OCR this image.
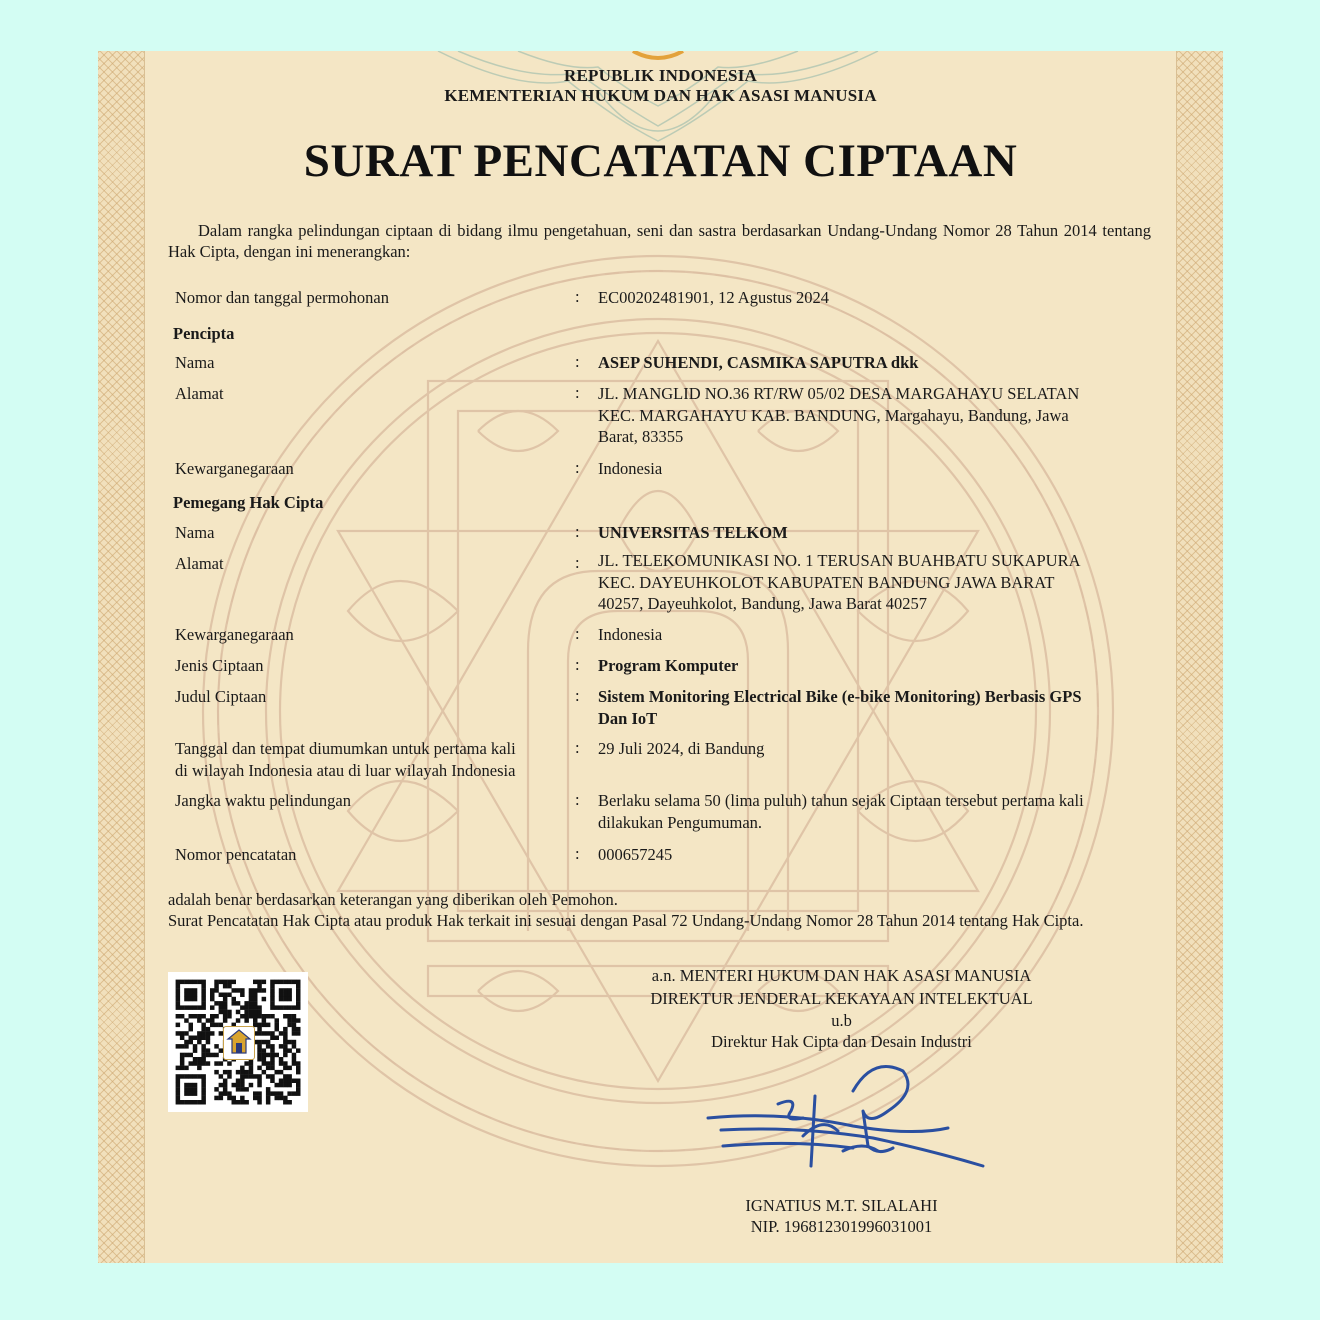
REPUBLIK INDONESIA
KEMENTERIAN HUKUM DAN HAK ASASI MANUSIA
SURAT PENCATATAN CIPTAAN
Dalam rangka pelindungan ciptaan di bidang ilmu pengetahuan, seni dan sastra berdasarkan Undang-Undang Nomor 28 Tahun 2014 tentang Hak Cipta, dengan ini menerangkan:
Nomor dan tanggal permohonan	: EC00202481901, 12 Agustus 2024
Pencipta
Nama	: ASEP SUHENDI, CASMIKA SAPUTRA dkk
Alamat	: JL. MANGLID NO.36 RT/RW 05/02 DESA MARGAHAYU SELATAN
KEC. MARGAHAYU KAB. BANDUNG, Margahayu, Bandung, Jawa
Barat, 83355
Kewarganegaraan	: Indonesia
Pemegang Hak Cipta
Nama	: UNIVERSITAS TELKOM
Alamat	: JL. TELEKOMUNIKASI NO. 1 TERUSAN BUAHBATU SUKAPURA
KEC. DAYEUHKOLOT KABUPATEN BANDUNG JAWA BARAT
40257, Dayeuhkolot, Bandung, Jawa Barat 40257
Kewarganegaraan	: Indonesia
Jenis Ciptaan	: Program Komputer
Judul Ciptaan	: Sistem Monitoring Electrical Bike (e-bike Monitoring) Berbasis GPS
Dan IoT
Tanggal dan tempat diumumkan untuk pertama kali
di wilayah Indonesia atau di luar wilayah Indonesia
: 29 Juli 2024, di Bandung
Jangka waktu pelindungan	: Berlaku selama 50 (lima puluh) tahun sejak Ciptaan tersebut pertama kali
dilakukan Pengumuman.
Nomor pencatatan	: 000657245
adalah benar berdasarkan keterangan yang diberikan oleh Pemohon.
Surat Pencatatan Hak Cipta atau produk Hak terkait ini sesuai dengan Pasal 72 Undang-Undang Nomor 28 Tahun 2014 tentang Hak Cipta.
a.n. MENTERI HUKUM DAN HAK ASASI MANUSIA
DIREKTUR JENDERAL KEKAYAAN INTELEKTUAL
u.b
Direktur Hak Cipta dan Desain Industri
IGNATIUS M.T. SILALAHI
NIP. 196812301996031001
